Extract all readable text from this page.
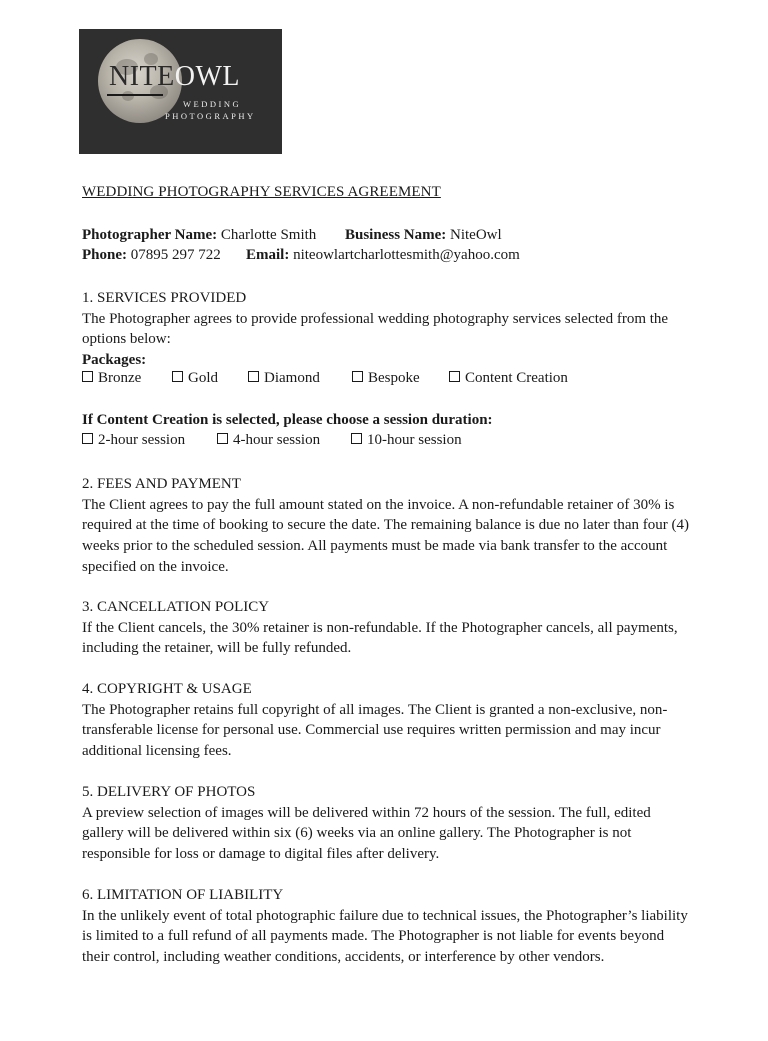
NITEOWL
WEDDING
PHOTOGRAPHY
WEDDING PHOTOGRAPHY SERVICES AGREEMENT
Photographer Name: Charlotte Smith Business Name: NiteOwl
Phone: 07895 297 722 Email: niteowlartcharlottesmith@yahoo.com
1. SERVICES PROVIDED
The Photographer agrees to provide professional wedding photography services selected from the options below:
Packages:
Bronze	Gold	Diamond	Bespoke	Content Creation
If Content Creation is selected, please choose a session duration:
2-hour session	4-hour session	10-hour session
2. FEES AND PAYMENT
The Client agrees to pay the full amount stated on the invoice. A non-refundable retainer of 30% is required at the time of booking to secure the date. The remaining balance is due no later than four (4) weeks prior to the scheduled session. All payments must be made via bank transfer to the account specified on the invoice.
3. CANCELLATION POLICY
If the Client cancels, the 30% retainer is non-refundable. If the Photographer cancels, all payments, including the retainer, will be fully refunded.
4. COPYRIGHT & USAGE
The Photographer retains full copyright of all images. The Client is granted a non-exclusive, non-transferable license for personal use. Commercial use requires written permission and may incur additional licensing fees.
5. DELIVERY OF PHOTOS
A preview selection of images will be delivered within 72 hours of the session. The full, edited gallery will be delivered within six (6) weeks via an online gallery. The Photographer is not responsible for loss or damage to digital files after delivery.
6. LIMITATION OF LIABILITY
In the unlikely event of total photographic failure due to technical issues, the Photographer’s liability is limited to a full refund of all payments made. The Photographer is not liable for events beyond their control, including weather conditions, accidents, or interference by other vendors.
